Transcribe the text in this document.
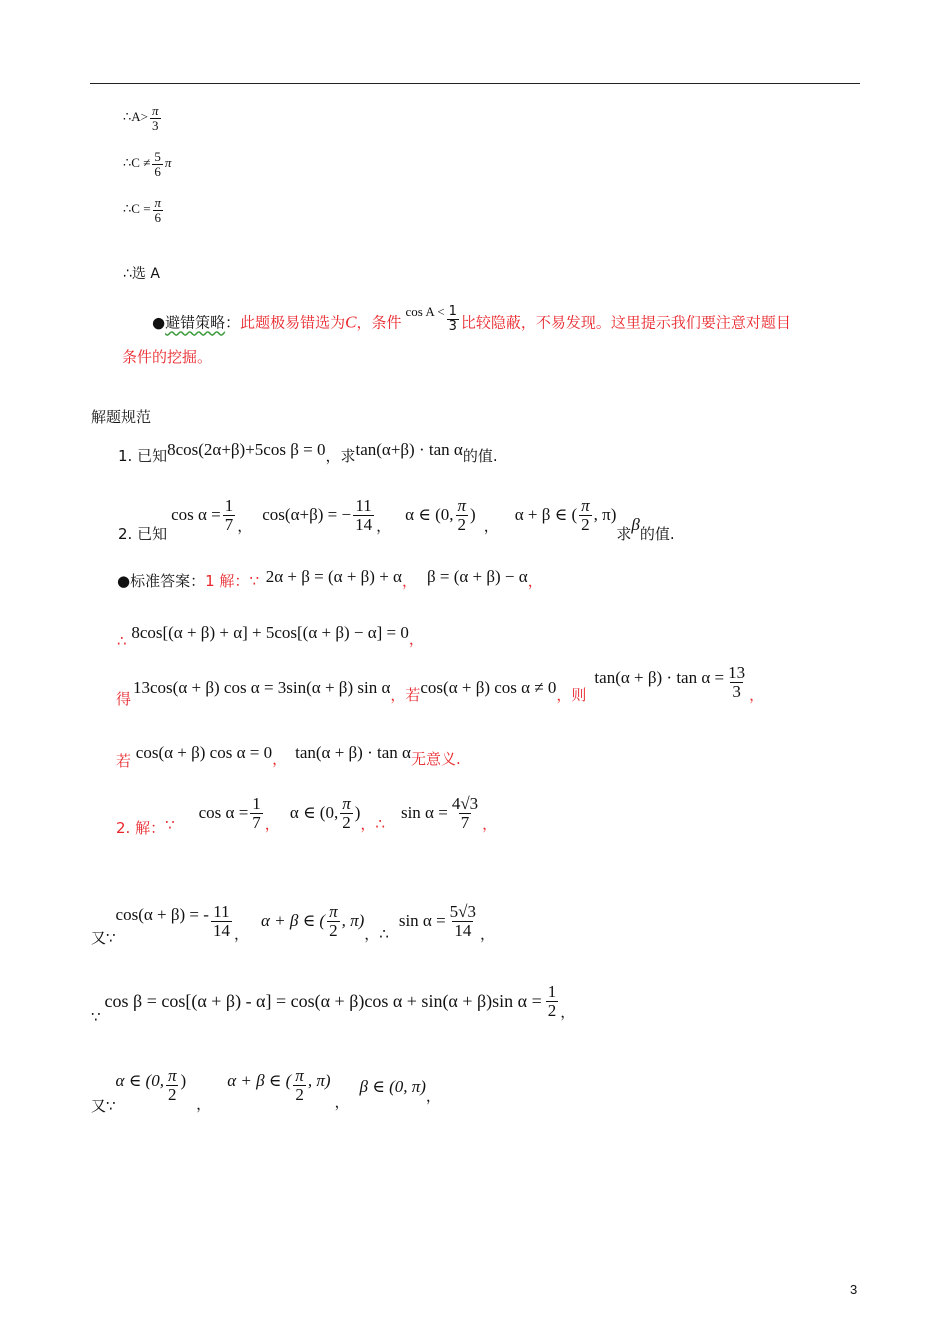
∴A> $\frac{\pi}{3}$
∴C ≠ $\frac{5}{6}$ π
∴C = $\frac{\pi}{6}$
∴选 A
●避错策略：此题极易错选为C，条件$\cos A < \frac{1}{3}$ 比较隐蔽，不易发现。这里提示我们要注意对题目
条件的挖掘。
解题规范
1. 已知8cos(2α+β)+5cos β = 0，求tan(α+β) · tan α的值.
2. 已知
$\cos \alpha = \frac{1}{7}$ ，
cos(α+β) = − $\frac{11}{14}$ ，
α ∈ (0, $\frac{\pi}{2}$ )
，
α + β ∈ ( $\frac{\pi}{2}$ , π)
求 β 的值.
●标准答案：1 解：∵ 2α + β = (α + β) + α， β = (α + β) − α，
∴ 8cos[(α + β) + α] + 5cos[(α + β) − α] = 0，
得
13cos(α + β) cos α = 3sin(α + β) sin α ，若 cos(α + β) cos α ≠ 0 ，则
$\tan(\alpha + \beta) \cdot \tan \alpha = \frac{13}{3}$ ，
若 cos(α + β) cos α = 0， tan(α + β) · tan α无意义.
2. 解： ∵
$\cos \alpha = \frac{1}{7}$ ，
α ∈ (0, $\frac{\pi}{2}$ )
，∴
$\sin \alpha = \frac{4√3}{7}$ ，
又∵
cos(α + β) = - $\frac{11}{14}$ ，
α + β ∈ ( $\frac{\pi}{2}$ , π)
，∴
$\sin \alpha = \frac{5√3}{14}$ ，
∵
cos β = cos[(α + β) - α] = cos(α + β)cos α + sin(α + β)sin $\alpha = \frac{1}{2}$ ，
又∵
α ∈ (0, $\frac{\pi}{2}$ )
，
α + β ∈ ( $\frac{\pi}{2}$ , π)
，
β ∈ (0, π) ，
3
